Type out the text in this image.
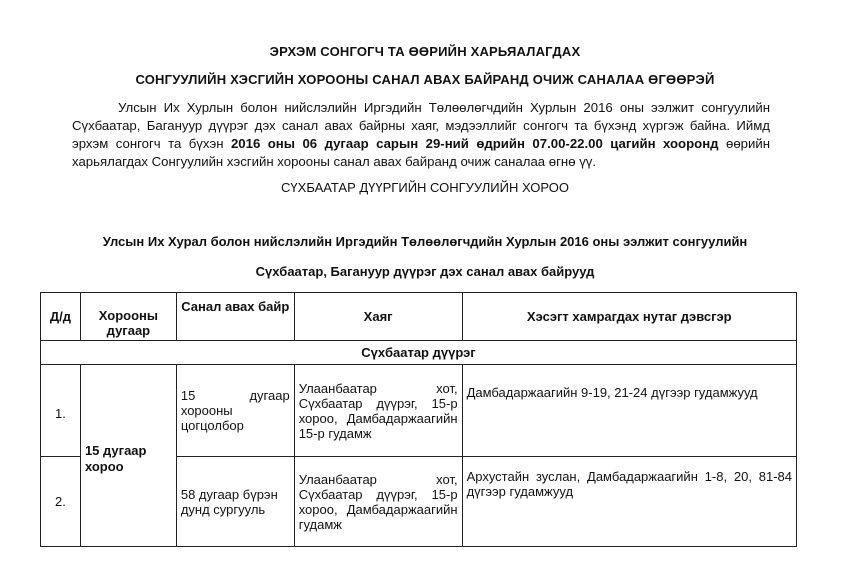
ЭРХЭМ СОНГОГЧ ТА ӨӨРИЙН ХАРЬЯАЛАГДАХ
СОНГУУЛИЙН ХЭСГИЙН ХОРООНЫ САНАЛ АВАХ БАЙРАНД ОЧИЖ САНАЛАА ӨГӨӨРЭЙ
Улсын Их Хурлын болон нийслэлийн Иргэдийн Төлөөлөгчдийн Хурлын 2016 оны ээлжит сонгуулийн Сүхбаатар, Багануур дүүрэг дэх санал авах байрны хаяг, мэдээллийг сонгогч та бүхэнд хүргэж байна. Иймд эрхэм сонгогч та бүхэн 2016 оны 06 дугаар сарын 29-ний өдрийн 07.00-22.00 цагийн хооронд өөрийн харьялагдах Сонгуулийн хэсгийн хорооны санал авах байранд очиж саналаа өгнө үү.
СҮХБААТАР ДҮҮРГИЙН СОНГУУЛИЙН ХОРОО
Улсын Их Хурал болон нийслэлийн Иргэдийн Төлөөлөгчдийн Хурлын 2016 оны ээлжит сонгуулийн
Сүхбаатар, Багануур дүүрэг дэх санал авах байрууд
Д/д	Хорооны дугаар	Санал авах байр	Хаяг	Хэсэгт хамрагдах нутаг дэвсгэр
Сүхбаатар дүүрэг				
1.	15 дугаар хороо	15 дугаар хорооны цогцолбор	Улаанбаатар хот, Сүхбаатар дүүрэг, 15-р хороо, Дамбадаржаагийн 15-р гудамж	Дамбадаржаагийн 9-19, 21-24 дүгээр гудамжууд
2.		58 дугаар бүрэн дунд сургууль	Улаанбаатар хот, Сүхбаатар дүүрэг, 15-р хороо, Дамбадаржаагийн гудамж	Архустайн зуслан, Дамбадаржаагийн 1-8, 20, 81-84 дүгээр гудамжууд
